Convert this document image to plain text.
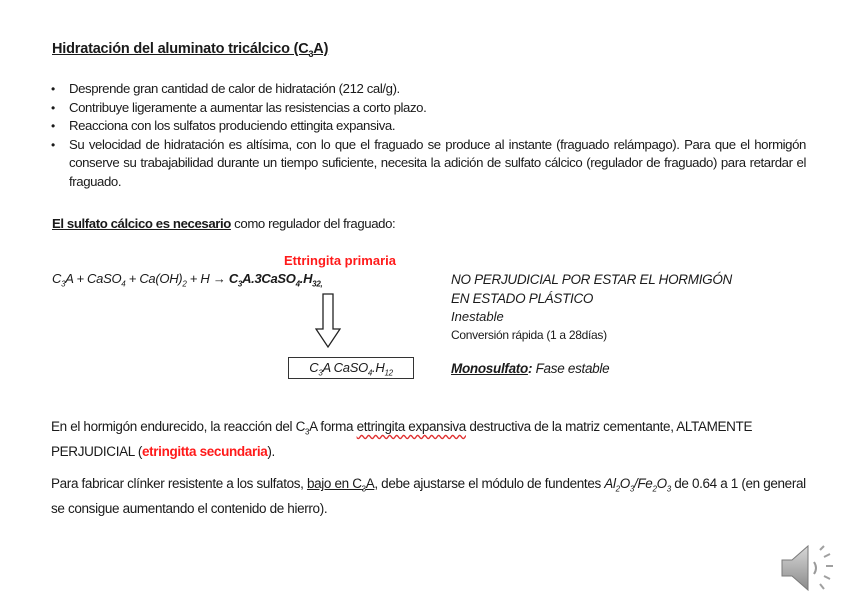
Hidratación del aluminato tricálcico $(C_3A)$
• Desprende gran cantidad de calor de hidratación (212 cal/g).
• Contribuye ligeramente a aumentar las resistencias a corto plazo.
• Reacciona con los sulfatos produciendo ettingita expansiva.
• Su velocidad de hidratación es altísima, con lo que el fraguado se produce al instante (fraguado relámpago). Para que el hormigón conserve su trabajabilidad durante un tiempo suficiente, necesita la adición de sulfato cálcico (regulador de fraguado) para retardar el fraguado.
El sulfato cálcico es necesario como regulador del fraguado:
Ettringita primaria
$C_3A$ + CaSO$_4$ + $Ca(OH)_2 + H$ → $C_3A.3CaSO_4.H_{32,}$	NO PERJUDICIAL POR ESTAR EL HORMIGÓN
EN ESTADO PLÁSTICO
Inestable
Conversión rápida (1 a 28días)
$C_3A$ $CaSO_4.H_{12}$	Monosulfato: Fase estable
En el hormigón endurecido, la reacción del $C_3A$ forma ettringita expansiva destructiva de la matriz cementante, ALTAMENTE PERJUDICIAL (etringitta secundaria).
Para fabricar clínker resistente a los sulfatos, bajo en $C_3A$, debe ajustarse el módulo de fundentes $Al_2O_3/Fe_2O_3$ de 0.64 a 1 (en general se consigue aumentando el contenido de hierro).
